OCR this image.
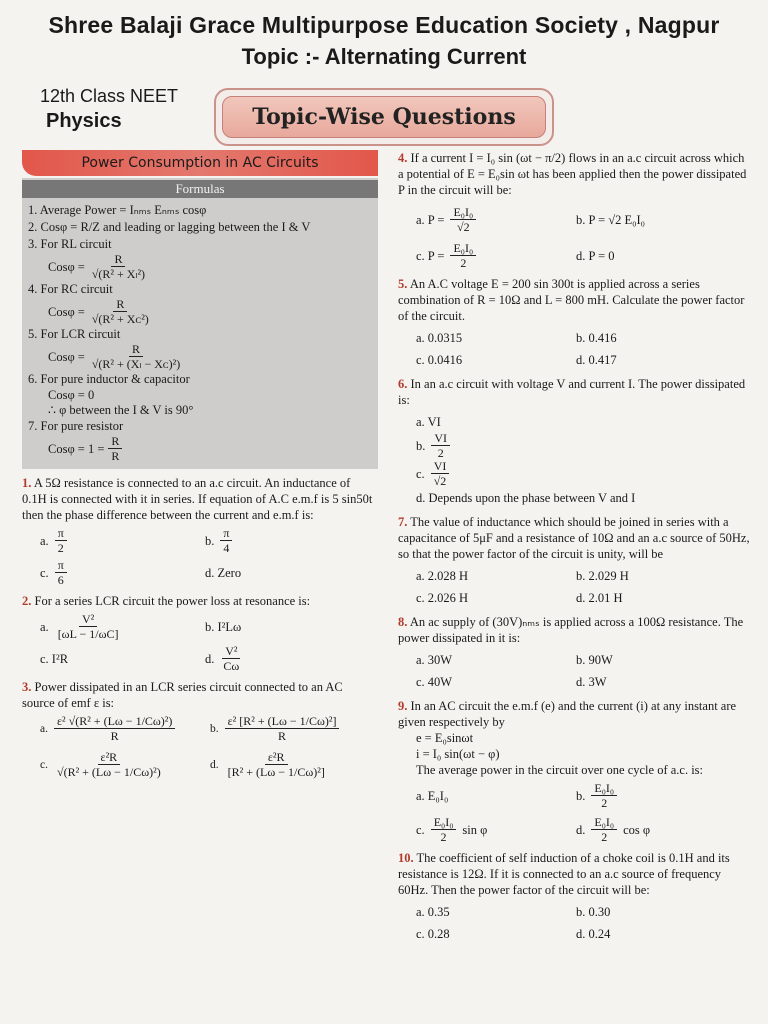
Shree Balaji Grace Multipurpose Education Society , Nagpur
Topic :- Alternating Current
12th Class NEET
Physics	Topic-Wise Questions
Power Consumption in AC Circuits
Formulas
1. Average Power = Iₙₘₛ Eₙₘₛ cosφ
2. Cosφ = R/Z and leading or lagging between the I & V
3. For RL circuit
$Cos\varphi = \frac{R}{\text{√(R² + Xₗ²)}}$
4. For RC circuit
$Cos\varphi = \frac{R}{\text{√(R² + Xᴄ²)}}$
5. For LCR circuit
$Cos\varphi = \frac{R}{\text{√(R² + (Xₗ − Xᴄ)²)}}$
6. For pure inductor & capacitor
Cosφ = 0
∴ φ between the I & V is 90°
7. For pure resistor
$Cos\varphi = 1 = \frac{R}{R}$
1. A 5Ω resistance is connected to an a.c circuit. An inductance of 0.1H is connected with it in series. If equation of A.C e.m.f is 5 sin50t then the phase difference between the current and e.m.f is:
a. $\frac{\pi}{2}$	b. $\frac{\pi}{4}$
c. $\frac{\pi}{6}$	d. Zero
2. For a series LCR circuit the power loss at resonance is:
a. $\frac{\text{V²}}{[\omega L - 1/\omega C]}$	b. I²Lω
c. I²R	d. $\frac{\text{V²}}{C\omega}$
3. Power dissipated in an LCR series circuit connected to an AC source of emf ε is:
a. $\frac{\text{ε² √(R² + (Lω − 1/Cω)²)}}{R}$	b. $\frac{\text{ε² [R² + (Lω − 1/Cω)²]}}{R}$
c. $\frac{\text{ε²R}}{\text{√(R² + (Lω − 1/Cω)²)}}$	d. $\frac{\text{ε²R}}{\text{[R² + (Lω − 1/Cω)²]}}$
4. If a current I = I₀ sin (ωt − π/2) flows in an a.c circuit across which a potential of E = E₀sin ωt has been applied then the power dissipated P in the circuit will be:
a. $P = \frac{\text{E₀I₀}}{√2}$	b. P = √2 E₀I₀
c. $P = \frac{\text{E₀I₀}}{2}$	d. P = 0
5. An A.C voltage E = 200 sin 300t is applied across a series combination of R = 10Ω and L = 800 mH. Calculate the power factor of the circuit.
a. 0.0315	b. 0.416
c. 0.0416	d. 0.417
6. In an a.c circuit with voltage V and current I. The power dissipated is:
a. VI
b. $\frac{VI}{2}$
c. $\frac{VI}{√2}$
d. Depends upon the phase between V and I
7. The value of inductance which should be joined in series with a capacitance of 5μF and a resistance of 10Ω and an a.c source of 50Hz, so that the power factor of the circuit is unity, will be
a. 2.028 H	b. 2.029 H
c. 2.026 H	d. 2.01 H
8. An ac supply of (30V)ₙₘₛ is applied across a 100Ω resistance. The power dissipated in it is:
a. 30W	b. 90W
c. 40W	d. 3W
9. In an AC circuit the e.m.f (e) and the current (i) at any instant are given respectively by
e = E₀sinωt
i = I₀ sin(ωt − φ)
The average power in the circuit over one cycle of a.c. is:
a. E₀I₀	b. $\frac{\text{E₀I₀}}{2}$
c. $\frac{\text{E₀I₀}}{2}$ sin φ	d. $\frac{\text{E₀I₀}}{2}$ cos φ
10. The coefficient of self induction of a choke coil is 0.1H and its resistance is 12Ω. If it is connected to an a.c source of frequency 60Hz. Then the power factor of the circuit will be:
a. 0.35	b. 0.30
c. 0.28	d. 0.24
